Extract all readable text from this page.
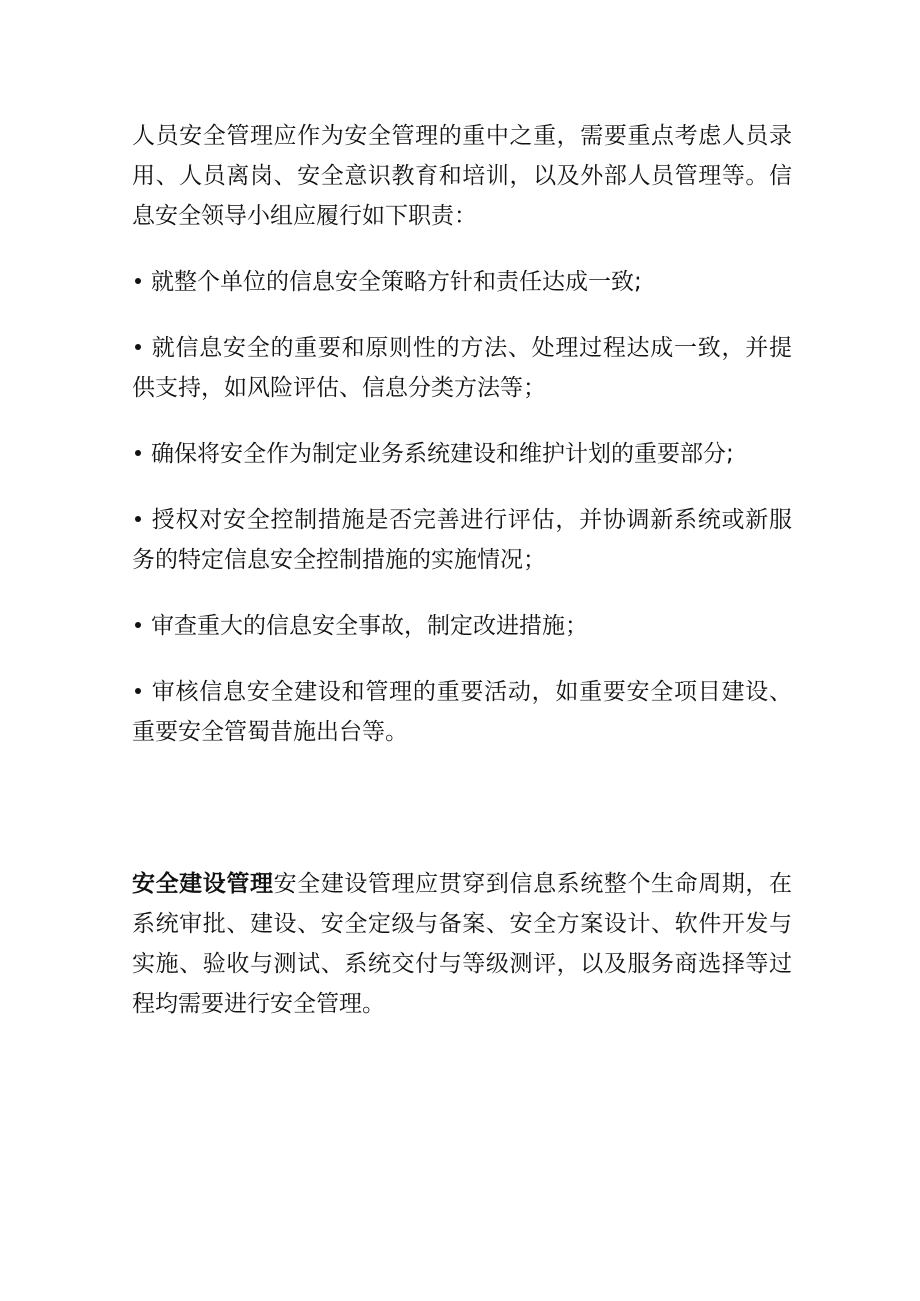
人员安全管理应作为安全管理的重中之重，需要重点考虑人员录用、人员离岗、安全意识教育和培训，以及外部人员管理等。信息安全领导小组应履行如下职责：

就整个单位的信息安全策略方针和责任达成一致;
就信息安全的重要和原则性的方法、处理过程达成一致，并提供支持，如风险评估、信息分类方法等；
确保将安全作为制定业务系统建设和维护计划的重要部分;
授权对安全控制措施是否完善进行评估，并协调新系统或新服务的特定信息安全控制措施的实施情况；
审查重大的信息安全事故，制定改进措施；
审核信息安全建设和管理的重要活动，如重要安全项目建设、重要安全管蜀昔施出台等。

安全建设管理安全建设管理应贯穿到信息系统整个生命周期，在系统审批、建设、安全定级与备案、安全方案设计、软件开发与实施、验收与测试、系统交付与等级测评，以及服务商选择等过程均需要进行安全管理。
